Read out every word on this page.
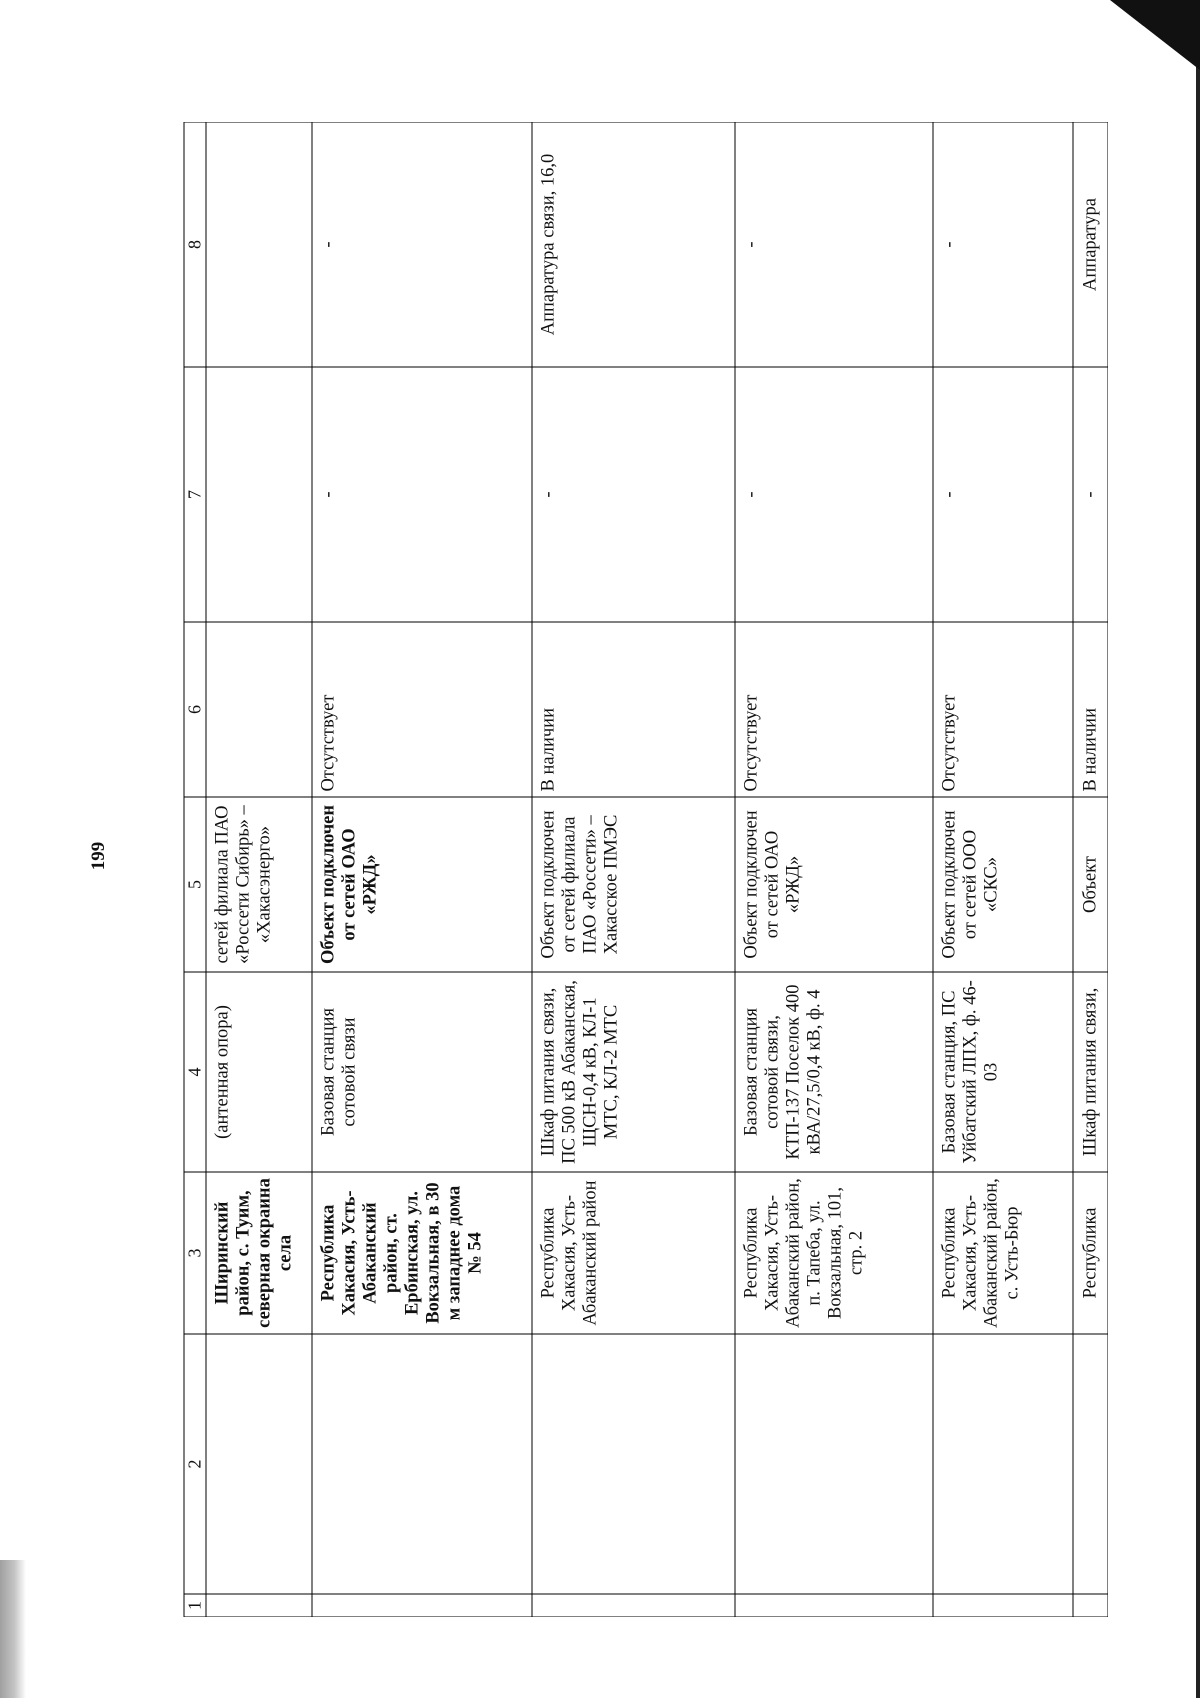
199
1	2	3	4	5	6	7	8
		Ширинский район, с. Туим, северная окраина села	(антенная опора)	сетей филиала ПАО «Россети Сибирь» – «Хакасэнерго»			
		Республика Хакасия, Усть-Абаканский район, ст. Ербинская, ул. Вокзальная, в 30 м западнее дома № 54	Базовая станция сотовой связи	Объект подключен от сетей ОАО «РЖД»	Отсутствует	-	-
		Республика Хакасия, Усть-Абаканский район	Шкаф питания связи, ПС 500 кВ Абаканская, ЩСН-0,4 кВ, КЛ-1 МТС, КЛ-2 МТС	Объект подключен от сетей филиала ПАО «Россети» – Хакасское ПМЭС	В наличии	-	Аппаратура связи, 16,0
		Республика Хакасия, Усть-Абаканский район, п. Тапеба, ул. Вокзальная, 101, стр. 2	Базовая станция сотовой связи, КТП-137 Поселок 400 кВА/27,5/0,4 кВ, ф. 4	Объект подключен от сетей ОАО «РЖД»	Отсутствует	-	-
		Республика Хакасия, Усть-Абаканский район, с. Усть-Бюр	Базовая станция, ПС Уйбатский ЛПХ, ф. 46-03	Объект подключен от сетей ООО «СКС»	Отсутствует	-	-
		Республика	Шкаф питания связи,	Объект	В наличии	-	Аппаратура
